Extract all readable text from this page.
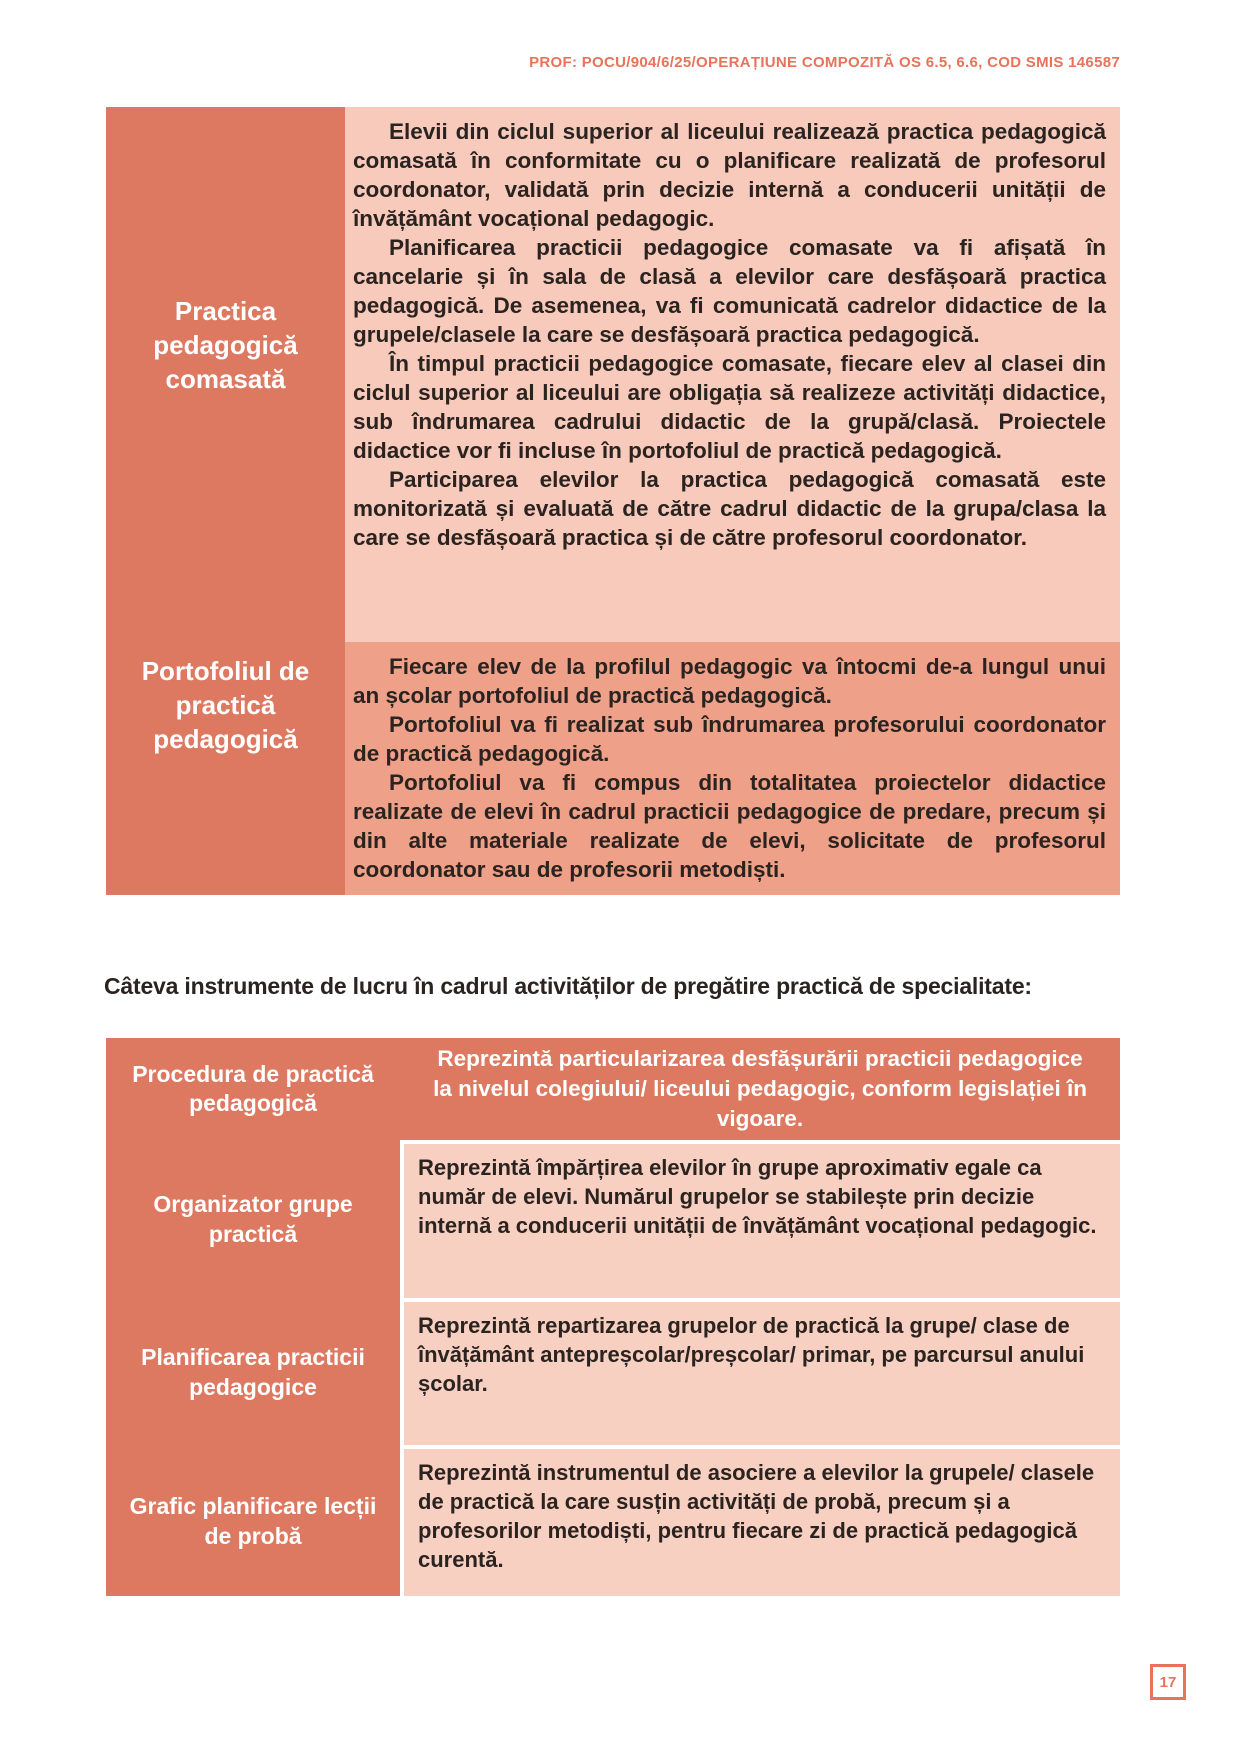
PROF: POCU/904/6/25/OPERAȚIUNE COMPOZITĂ OS 6.5, 6.6, COD SMIS 146587
Practica pedagogică comasată

Elevii din ciclul superior al liceului realizează practica pedagogică comasată în conformitate cu o planificare realizată de profesorul coordonator, validată prin decizie internă a conducerii unității de învățământ vocațional pedagogic.

Planificarea practicii pedagogice comasate va fi afișată în cancelarie și în sala de clasă a elevilor care desfășoară practica pedagogică. De asemenea, va fi comunicată cadrelor didactice de la grupele/clasele la care se desfășoară practica pedagogică.

În timpul practicii pedagogice comasate, fiecare elev al clasei din ciclul superior al liceului are obligația să realizeze activități didactice, sub îndrumarea cadrului didactic de la grupă/clasă. Proiectele didactice vor fi incluse în portofoliul de practică pedagogică.

Participarea elevilor la practica pedagogică comasată este monitorizată și evaluată de către cadrul didactic de la grupa/clasa la care se desfășoară practica și de către profesorul coordonator.

Portofoliul de practică pedagogică

Fiecare elev de la profilul pedagogic va întocmi de-a lungul unui an școlar portofoliul de practică pedagogică.

Portofoliul va fi realizat sub îndrumarea profesorului coordonator de practică pedagogică.

Portofoliul va fi compus din totalitatea proiectelor didactice realizate de elevi în cadrul practicii pedagogice de predare, precum și din alte materiale realizate de elevi, solicitate de profesorul coordonator sau de profesorii metodiști.

Câteva instrumente de lucru în cadrul activităților de pregătire practică de specialitate:
Procedura de practică pedagogică
Reprezintă particularizarea desfășurării practicii pedagogice la nivelul colegiului/ liceului pedagogic, conform legislației în vigoare.
Organizator grupe practică
Planificarea practicii pedagogice
Grafic planificare lecții de probă
Reprezintă împărțirea elevilor în grupe aproximativ egale ca număr de elevi. Numărul grupelor se stabilește prin decizie internă a conducerii unității de învățământ vocațional pedagogic.
Reprezintă repartizarea grupelor de practică la grupe/ clase de învățământ antepreșcolar/preșcolar/ primar, pe parcursul anului școlar.
Reprezintă instrumentul de asociere a elevilor la grupele/ clasele de practică la care susțin activități de probă, precum și a profesorilor metodiști, pentru fiecare zi de practică pedagogică curentă.
17
